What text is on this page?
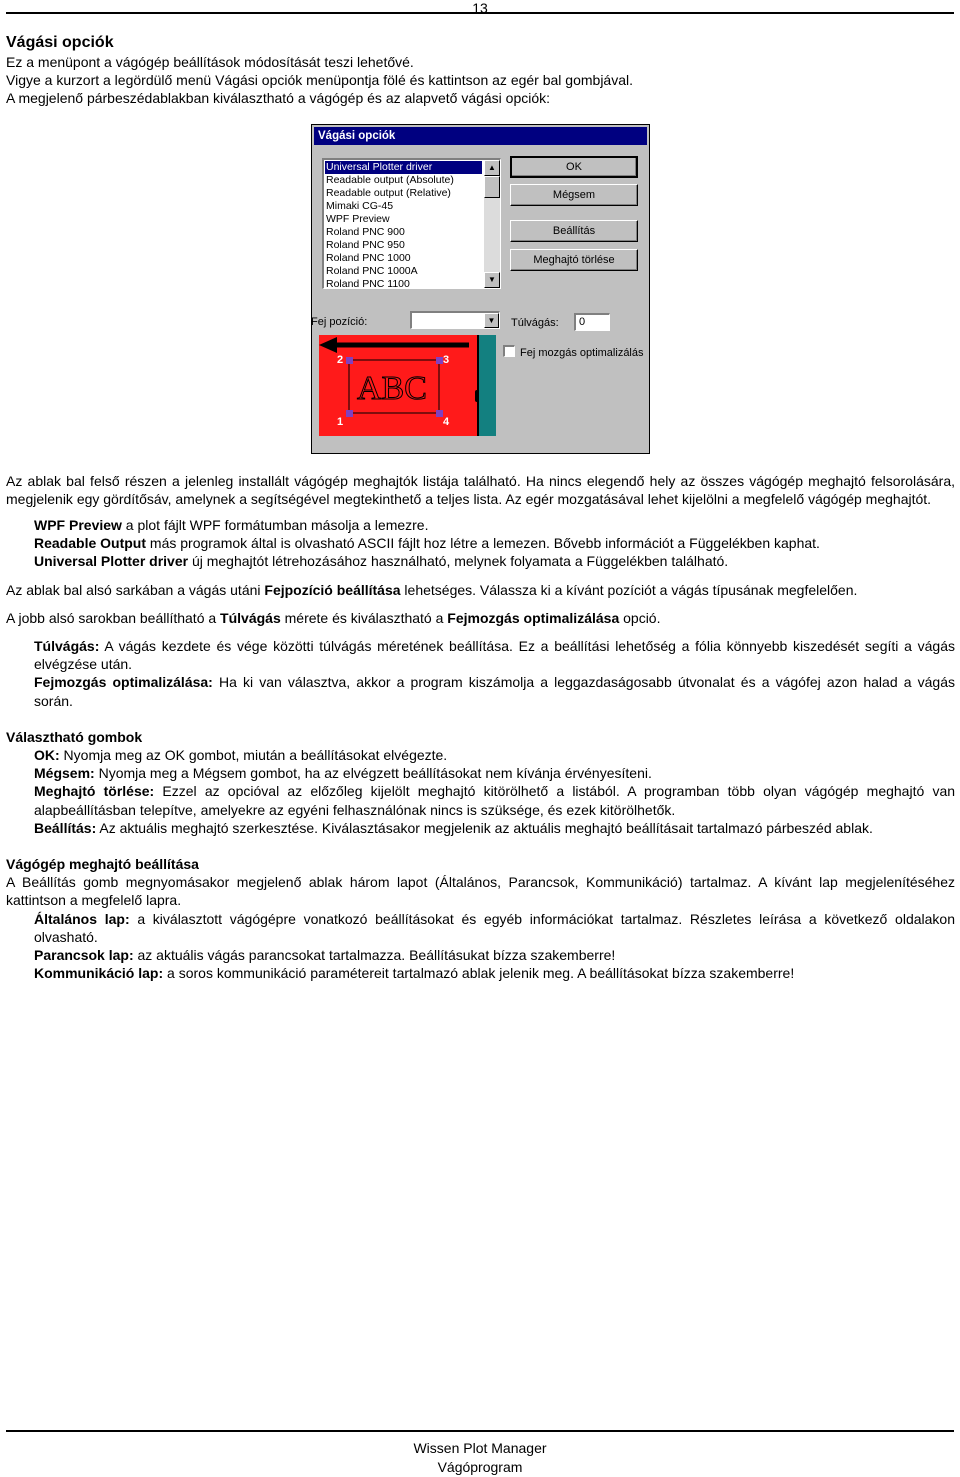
13
Vágási opciók

Ez a menüpont a vágógép beállítások módosítását teszi lehetővé.

Vigye a kurzort a legördülő menü Vágási opciók menüpontja fölé és kattintson az egér bal gombjával.

A megjelenő párbeszédablakban kiválasztható a vágógép és az alapvető vágási opciók:

Vágási opciók
Universal Plotter driver
Readable output (Absolute)
Readable output (Relative)
Mimaki CG-45
WPF Preview
Roland PNC 900
Roland PNC 950
Roland PNC 1000
Roland PNC 1000A
Roland PNC 1100
▲
▼
OK
Mégsem
Beállítás
Meghajtó törlése
Fej pozíció:	▼	Túlvágás:	0
Fej mozgás optimalizálás
ABC
2	3
1	4

Az ablak bal felső részen a jelenleg installált vágógép meghajtók listája található. Ha nincs elegendő hely az összes vágógép meghajtó felsorolására, megjelenik egy gördítősáv, amelynek a segítségével megtekinthető a teljes lista. Az egér mozgatásával lehet kijelölni a megfelelő vágógép meghajtót.

WPF Preview a plot fájlt WPF formátumban másolja a lemezre.

Readable Output más programok által is olvasható ASCII fájlt hoz létre a lemezen. Bővebb információt a Függelékben kaphat.

Universal Plotter driver új meghajtót létrehozásához használható, melynek folyamata a Függelékben található.

Az ablak bal alsó sarkában a vágás utáni Fejpozíció beállítása lehetséges. Válassza ki a kívánt pozíciót a vágás típusának megfelelően.

A jobb alsó sarokban beállítható a Túlvágás mérete és kiválasztható a Fejmozgás optimalizálása opció.

Túlvágás: A vágás kezdete és vége közötti túlvágás méretének beállítása. Ez a beállítási lehetőség a fólia könnyebb kiszedését segíti a vágás elvégzése után.

Fejmozgás optimalizálása: Ha ki van választva, akkor a program kiszámolja a leggazdaságosabb útvonalat és a vágófej azon halad a vágás során.

Választható gombok

OK: Nyomja meg az OK gombot, miután a beállításokat elvégezte.

Mégsem: Nyomja meg a Mégsem gombot, ha az elvégzett beállításokat nem kívánja érvényesíteni.

Meghajtó törlése: Ezzel az opcióval az előzőleg kijelölt meghajtó kitörölhető a listából. A programban több olyan vágógép meghajtó van alapbeállításban telepítve, amelyekre az egyéni felhasználónak nincs is szüksége, és ezek kitörölhetők.

Beállítás: Az aktuális meghajtó szerkesztése. Kiválasztásakor megjelenik az aktuális meghajtó beállításait tartalmazó párbeszéd ablak.

Vágógép meghajtó beállítása

A Beállítás gomb megnyomásakor megjelenő ablak három lapot (Általános, Parancsok, Kommunikáció) tartalmaz. A kívánt lap megjelenítéséhez kattintson a megfelelő lapra.

Általános lap: a kiválasztott vágógépre vonatkozó beállításokat és egyéb információkat tartalmaz. Részletes leírása a következő oldalakon olvasható.

Parancsok lap: az aktuális vágás parancsokat tartalmazza. Beállításukat bízza szakemberre!

Kommunikáció lap: a soros kommunikáció paramétereit tartalmazó ablak jelenik meg. A beállításokat bízza szakemberre!

Wissen Plot Manager
Vágóprogram
